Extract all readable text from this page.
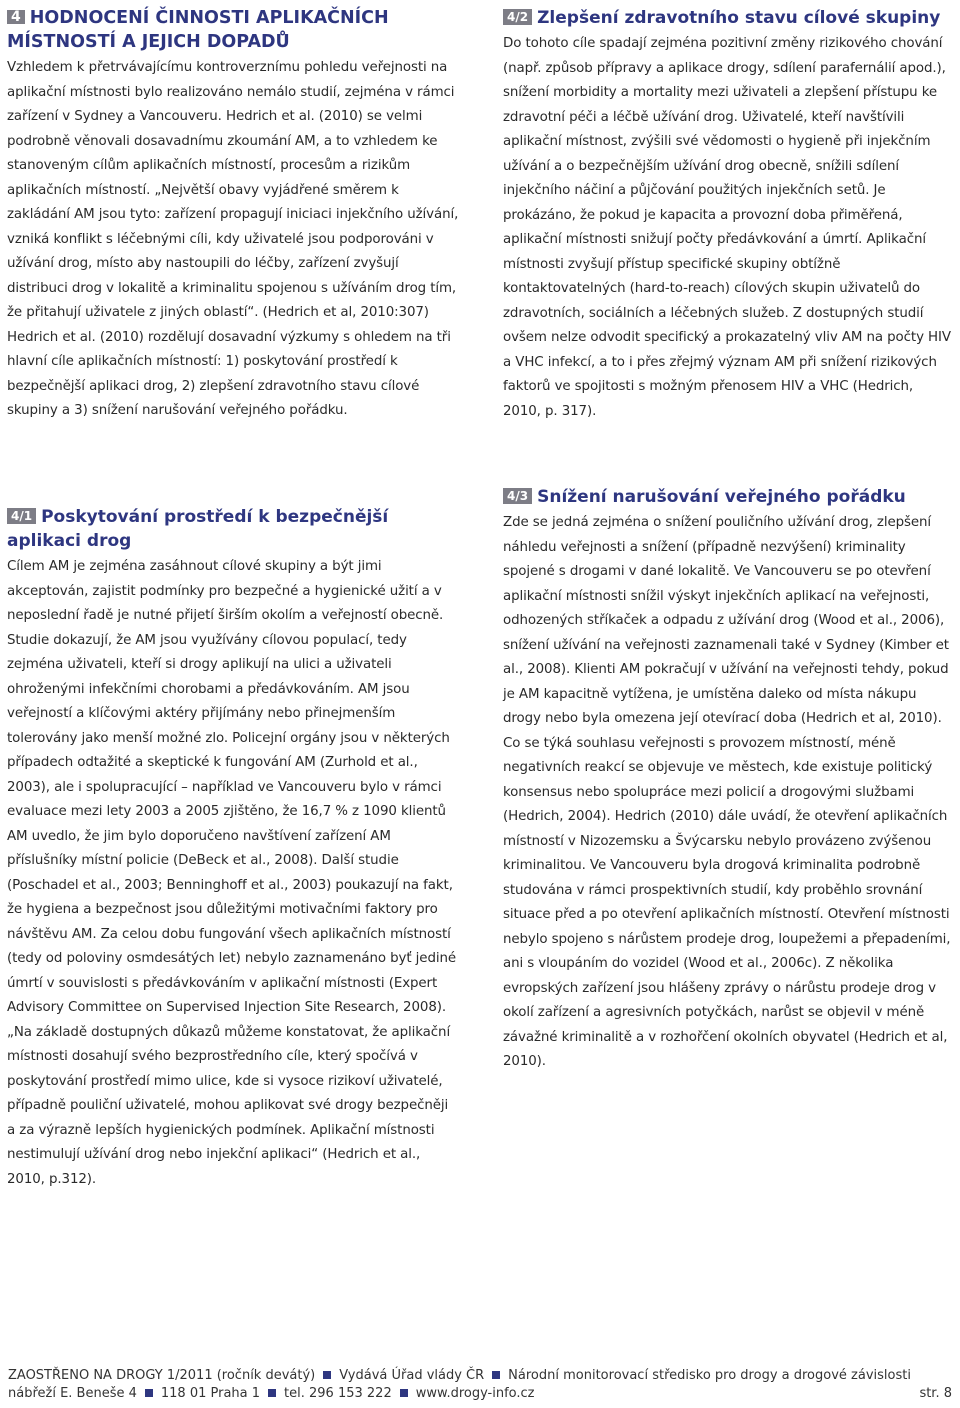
4 HODNOCENÍ ČINNOSTI APLIKAČNÍCH
MÍSTNOSTÍ A JEJICH DOPADŮ

Vzhledem k přetrvávajícímu kontroverznímu pohledu veřejnosti na aplikační místnosti bylo realizováno nemálo studií, zejména v rámci zařízení v Sydney a Vancouveru. Hedrich et al. (2010) se velmi podrobně věnovali dosavadnímu zkoumání AM, a to vzhledem ke stanoveným cílům aplikačních místností, procesům a rizikům aplikačních místností. „Největší obavy vyjádřené směrem k zakládání AM jsou tyto: zařízení propagují iniciaci injekčního užívání, vzniká konflikt s léčebnými cíli, kdy uživatelé jsou podporováni v užívání drog, místo aby nastoupili do léčby, zařízení zvyšují distribuci drog v lokalitě a kriminalitu spojenou s užíváním drog tím, že přitahují uživatele z jiných oblastí“. (Hedrich et al, 2010:307)

Hedrich et al. (2010) rozdělují dosavadní výzkumy s ohledem na tři hlavní cíle aplikačních místností: 1) poskytování prostředí k bezpečnější aplikaci drog, 2) zlepšení zdravotního stavu cílové skupiny a 3) snížení narušování veřejného pořádku.

4/1 Poskytování prostředí k bezpečnější aplikaci drog

Cílem AM je zejména zasáhnout cílové skupiny a být jimi akceptován, zajistit podmínky pro bezpečné a hygienické užití a v neposlední řadě je nutné přijetí širším okolím a veřejností obecně. Studie dokazují, že AM jsou využívány cílovou populací, tedy zejména uživateli, kteří si drogy aplikují na ulici a uživateli ohroženými infekčními chorobami a předávkováním. AM jsou veřejností a klíčovými aktéry přijímány nebo přinejmenším tolerovány jako menší možné zlo. Policejní orgány jsou v některých případech odtažité a skeptické k fungování AM (Zurhold et al., 2003), ale i spolupracující – například ve Vancouveru bylo v rámci evaluace mezi lety 2003 a 2005 zjištěno, že 16,7 % z 1090 klientů AM uvedlo, že jim bylo doporučeno navštívení zařízení AM příslušníky místní policie (DeBeck et al., 2008). Další studie (Poschadel et al., 2003; Benninghoff et al., 2003) poukazují na fakt, že hygiena a bezpečnost jsou důležitými motivačními faktory pro návštěvu AM. Za celou dobu fungování všech aplikačních místností (tedy od poloviny osmdesátých let) nebylo zaznamenáno byť jediné úmrtí v souvislosti s předávkováním v aplikační místnosti (Expert Advisory Committee on Supervised Injection Site Research, 2008). „Na základě dostupných důkazů můžeme konstatovat, že aplikační místnosti dosahují svého bezprostředního cíle, který spočívá v poskytování prostředí mimo ulice, kde si vysoce rizikoví uživatelé, případně pouliční uživatelé, mohou aplikovat své drogy bezpečněji a za výrazně lepších hygienických podmínek. Aplikační místnosti nestimulují užívání drog nebo injekční aplikaci“ (Hedrich et al., 2010, p.312).

4/2 Zlepšení zdravotního stavu cílové skupiny

Do tohoto cíle spadají zejména pozitivní změny rizikového chování (např. způsob přípravy a aplikace drogy, sdílení parafernálií apod.), snížení morbidity a mortality mezi uživateli a zlepšení přístupu ke zdravotní péči a léčbě užívání drog. Uživatelé, kteří navštívili aplikační místnost, zvýšili své vědomosti o hygieně při injekčním užívání a o bezpečnějším užívání drog obecně, snížili sdílení injekčního náčiní a půjčování použitých injekčních setů. Je prokázáno, že pokud je kapacita a provozní doba přiměřená, aplikační místnosti snižují počty předávkování a úmrtí. Aplikační místnosti zvyšují přístup specifické skupiny obtížně kontaktovatelných (hard-to-reach) cílových skupin uživatelů do zdravotních, sociálních a léčebných služeb. Z dostupných studií ovšem nelze odvodit specifický a prokazatelný vliv AM na počty HIV a VHC infekcí, a to i přes zřejmý význam AM při snížení rizikových faktorů ve spojitosti s možným přenosem HIV a VHC (Hedrich, 2010, p. 317).

4/3 Snížení narušování veřejného pořádku

Zde se jedná zejména o snížení pouličního užívání drog, zlepšení náhledu veřejnosti a snížení (případně nezvýšení) kriminality spojené s drogami v dané lokalitě. Ve Vancouveru se po otevření aplikační místnosti snížil výskyt injekčních aplikací na veřejnosti, odhozených stříkaček a odpadu z užívání drog (Wood et al., 2006), snížení užívání na veřejnosti zaznamenali také v Sydney (Kimber et al., 2008). Klienti AM pokračují v užívání na veřejnosti tehdy, pokud je AM kapacitně vytížena, je umístěna daleko od místa nákupu drogy nebo byla omezena její otevírací doba (Hedrich et al, 2010). Co se týká souhlasu veřejnosti s provozem místností, méně negativních reakcí se objevuje ve městech, kde existuje politický konsensus nebo spolupráce mezi policií a drogovými službami (Hedrich, 2004). Hedrich (2010) dále uvádí, že otevření aplikačních místností v Nizozemsku a Švýcarsku nebylo provázeno zvýšenou kriminalitou. Ve Vancouveru byla drogová kriminalita podrobně studována v rámci prospektivních studií, kdy proběhlo srovnání situace před a po otevření aplikačních místností. Otevření místnosti nebylo spojeno s nárůstem prodeje drog, loupežemi a přepadeními, ani s vloupáním do vozidel (Wood et al., 2006c). Z několika evropských zařízení jsou hlášeny zprávy o nárůstu prodeje drog v okolí zařízení a agresivních potyčkách, narůst se objevil v méně závažné kriminalitě a v rozhořčení okolních obyvatel (Hedrich et al, 2010).

ZAOSTŘENO NA DROGY 1/2011 (ročník devátý) Vydává Úřad vlády ČR Národní monitorovací středisko pro drogy a drogové závislosti
nábřeží E. Beneše 4 118 01 Praha 1 tel. 296 153 222 www.drogy-info.cz	str. 8
